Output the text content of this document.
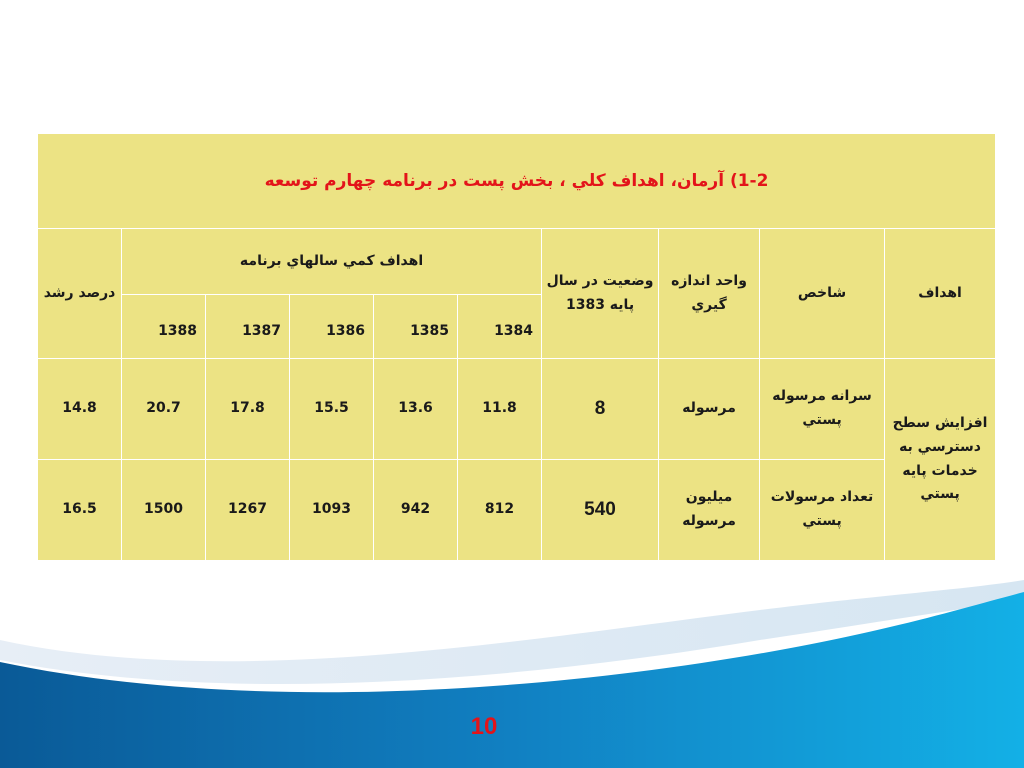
1-2) آرمان، اهداف كلي ، بخش پست در برنامه چهارم توسعه									
اهداف	شاخص	واحد اندازه گيري	وضعيت در سال پايه 1383	اهداف كمي سالهاي برنامه					درصد رشد
				1384	1385	1386	1387	1388	
افزايش سطح دسترسي به خدمات پايه پستي	سرانه مرسوله پستي	مرسوله	8	11.8	13.6	15.5	17.8	20.7	14.8
	تعداد مرسولات پستي	ميليون مرسوله	540	812	942	1093	1267	1500	16.5
10
